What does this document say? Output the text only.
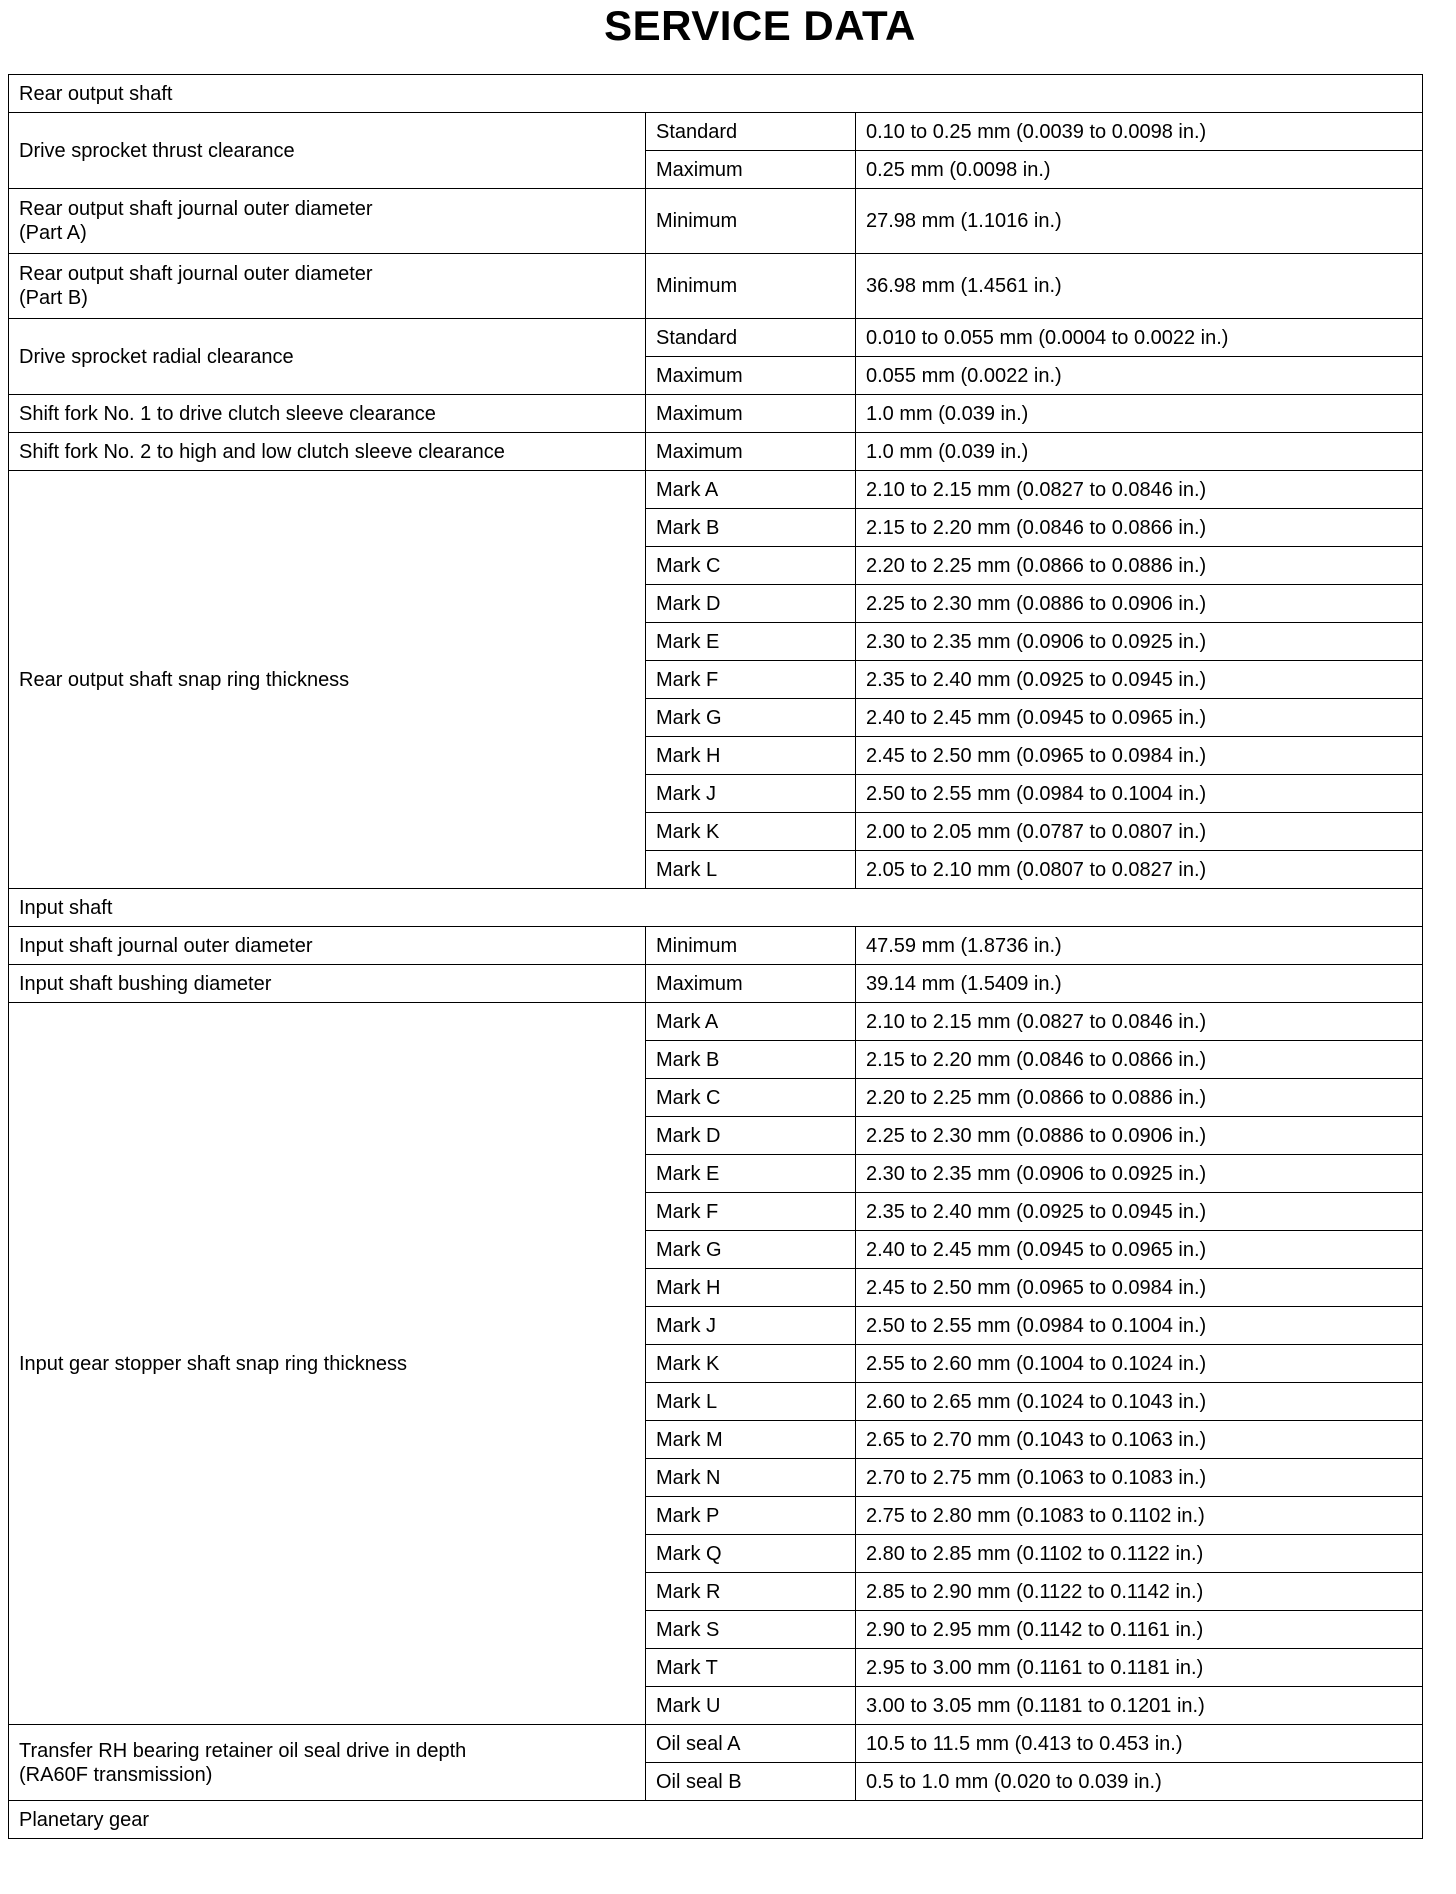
SERVICE DATA
Rear output shaft		
Drive sprocket thrust clearance	Standard	0.10 to 0.25 mm (0.0039 to 0.0098 in.)
	Maximum	0.25 mm (0.0098 in.)
Rear output shaft journal outer diameter
(Part A)	Minimum	27.98 mm (1.1016 in.)
Rear output shaft journal outer diameter
(Part B)	Minimum	36.98 mm (1.4561 in.)
Drive sprocket radial clearance	Standard	0.010 to 0.055 mm (0.0004 to 0.0022 in.)
	Maximum	0.055 mm (0.0022 in.)
Shift fork No. 1 to drive clutch sleeve clearance	Maximum	1.0 mm (0.039 in.)
Shift fork No. 2 to high and low clutch sleeve clearance	Maximum	1.0 mm (0.039 in.)
Rear output shaft snap ring thickness	Mark A	2.10 to 2.15 mm (0.0827 to 0.0846 in.)
	Mark B	2.15 to 2.20 mm (0.0846 to 0.0866 in.)
	Mark C	2.20 to 2.25 mm (0.0866 to 0.0886 in.)
	Mark D	2.25 to 2.30 mm (0.0886 to 0.0906 in.)
	Mark E	2.30 to 2.35 mm (0.0906 to 0.0925 in.)
	Mark F	2.35 to 2.40 mm (0.0925 to 0.0945 in.)
	Mark G	2.40 to 2.45 mm (0.0945 to 0.0965 in.)
	Mark H	2.45 to 2.50 mm (0.0965 to 0.0984 in.)
	Mark J	2.50 to 2.55 mm (0.0984 to 0.1004 in.)
	Mark K	2.00 to 2.05 mm (0.0787 to 0.0807 in.)
	Mark L	2.05 to 2.10 mm (0.0807 to 0.0827 in.)
Input shaft		
Input shaft journal outer diameter	Minimum	47.59 mm (1.8736 in.)
Input shaft bushing diameter	Maximum	39.14 mm (1.5409 in.)
Input gear stopper shaft snap ring thickness	Mark A	2.10 to 2.15 mm (0.0827 to 0.0846 in.)
	Mark B	2.15 to 2.20 mm (0.0846 to 0.0866 in.)
	Mark C	2.20 to 2.25 mm (0.0866 to 0.0886 in.)
	Mark D	2.25 to 2.30 mm (0.0886 to 0.0906 in.)
	Mark E	2.30 to 2.35 mm (0.0906 to 0.0925 in.)
	Mark F	2.35 to 2.40 mm (0.0925 to 0.0945 in.)
	Mark G	2.40 to 2.45 mm (0.0945 to 0.0965 in.)
	Mark H	2.45 to 2.50 mm (0.0965 to 0.0984 in.)
	Mark J	2.50 to 2.55 mm (0.0984 to 0.1004 in.)
	Mark K	2.55 to 2.60 mm (0.1004 to 0.1024 in.)
	Mark L	2.60 to 2.65 mm (0.1024 to 0.1043 in.)
	Mark M	2.65 to 2.70 mm (0.1043 to 0.1063 in.)
	Mark N	2.70 to 2.75 mm (0.1063 to 0.1083 in.)
	Mark P	2.75 to 2.80 mm (0.1083 to 0.1102 in.)
	Mark Q	2.80 to 2.85 mm (0.1102 to 0.1122 in.)
	Mark R	2.85 to 2.90 mm (0.1122 to 0.1142 in.)
	Mark S	2.90 to 2.95 mm (0.1142 to 0.1161 in.)
	Mark T	2.95 to 3.00 mm (0.1161 to 0.1181 in.)
	Mark U	3.00 to 3.05 mm (0.1181 to 0.1201 in.)
Transfer RH bearing retainer oil seal drive in depth
(RA60F transmission)	Oil seal A	10.5 to 11.5 mm (0.413 to 0.453 in.)
	Oil seal B	0.5 to 1.0 mm (0.020 to 0.039 in.)
Planetary gear		
